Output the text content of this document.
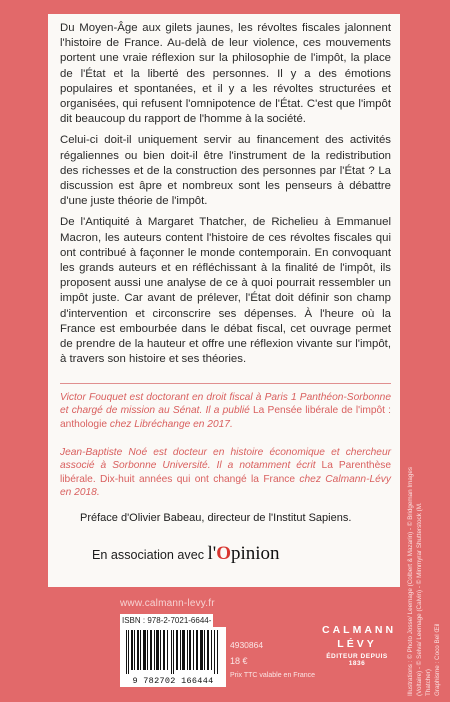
Du Moyen-Âge aux gilets jaunes, les révoltes fiscales jalonnent l'histoire de France. Au-delà de leur violence, ces mouvements portent une vraie réflexion sur la philosophie de l'impôt, la place de l'État et la liberté des personnes. Il y a des émotions populaires et spontanées, et il y a les révoltes structurées et organisées, qui refusent l'omnipotence de l'État. C'est que l'impôt dit beaucoup du rapport de l'homme à la société.

Celui-ci doit-il uniquement servir au financement des activités régaliennes ou bien doit-il être l'instrument de la redistribution des richesses et de la construction des personnes par l'État ? La discussion est âpre et nombreux sont les penseurs à débattre d'une juste théorie de l'impôt.

De l'Antiquité à Margaret Thatcher, de Richelieu à Emmanuel Macron, les auteurs content l'histoire de ces révoltes fiscales qui ont contribué à façonner le monde contemporain. En convoquant les grands auteurs et en réfléchissant à la finalité de l'impôt, ils proposent aussi une analyse de ce à quoi pourrait ressembler un impôt juste. Car avant de prélever, l'État doit définir son champ d'intervention et circonscrire ses dépenses. À l'heure où la France est embourbée dans le débat fiscal, cet ouvrage permet de prendre de la hauteur et offre une réflexion vivante sur l'impôt, à travers son histoire et ses théories.

Victor Fouquet est doctorant en droit fiscal à Paris 1 Panthéon-Sorbonne et chargé de mission au Sénat. Il a publié La Pensée libérale de l'impôt : anthologie chez Libréchange en 2017.
Jean-Baptiste Noé est docteur en histoire économique et chercheur associé à Sorbonne Université. Il a notamment écrit La Parenthèse libérale. Dix-huit années qui ont changé la France chez Calmann-Lévy en 2018.
Préface d'Olivier Babeau, directeur de l'Institut Sapiens.
En association avec l'Opinion
www.calmann-levy.fr
ISBN : 978-2-7021-6644-
9 782702 166444
4930864
18 €
Prix TTC valable en France
CALMANN
LÉVY
ÉDITEUR DEPUIS 1836	Illustrations : © Photo Josse/ Leemage (Colbert & Mazarin) - © Bridgeman Images (Voltaire) - © Selva/ Leemage (Calvin) - © Mimmyrar Shutterstock (M. Thatcher) Graphisme : Coco Bel Œil
